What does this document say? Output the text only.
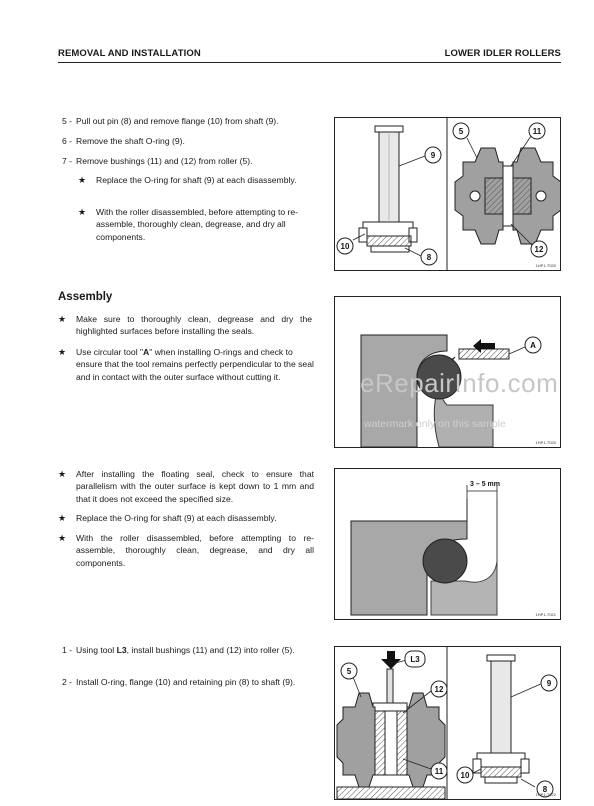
REMOVAL AND INSTALLATION	LOWER IDLER ROLLERS
5 - Pull out pin (8) and remove flange (10) from shaft (9).
6 - Remove the shaft O-ring (9).
7 - Remove bushings (11) and (12) from roller (5).
★ Replace the O-ring for shaft (9) at each disassembly.
★ With the roller disassembled, before attempting to re-assemble, thoroughly clean, degrease, and dry all components.
9
10
8
5	11
12
1HP1-T020
Assembly
★ Make sure to thoroughly clean, degrease and dry the highlighted surfaces before installing the seals.
★ Use circular tool "A" when installing O-rings and check to ensure that the tool remains perfectly perpendicular to the seal and in contact with the outer surface without cutting it.
A
1HP1-T020
eRepairInfo.com
watermark only on this sample
★ After installing the floating seal, check to ensure that parallelism with the outer surface is kept down to 1 mm and that it does not exceed the specified size.
★ Replace the O-ring for shaft (9) at each disassembly.
★ With the roller disassembled, before attempting to re-assemble, thoroughly clean, degrease, and dry all components.
3 – 5 mm
1HP1-T021
1 - Using tool L3, install bushings (11) and (12) into roller (5).
2 - Install O-ring, flange (10) and retaining pin (8) to shaft (9).
L3
5
12
11
9
10
8
1HP1-T022
